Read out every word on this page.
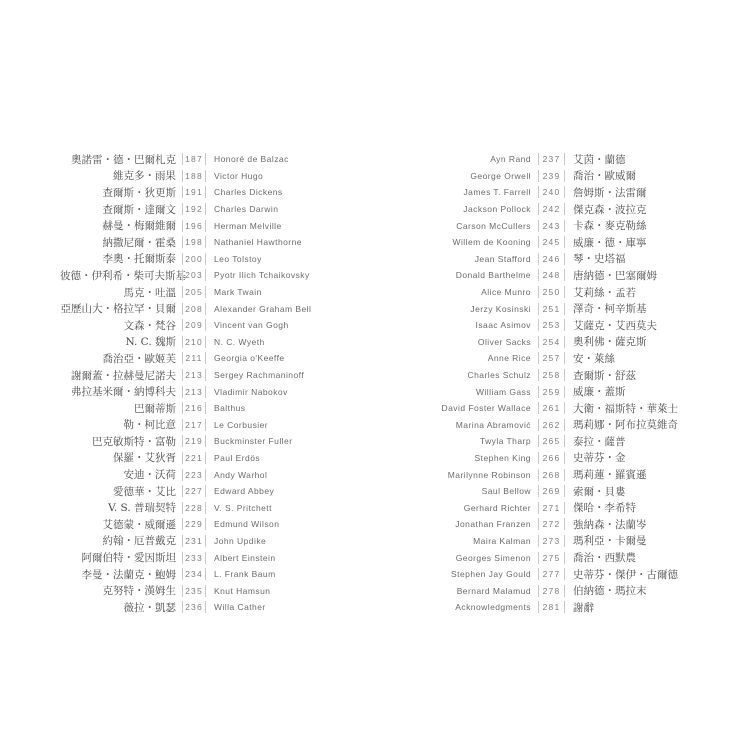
奧諾雷・德・巴爾札克	187	Honoré de Balzac	Ayn Rand	237	艾茵・蘭德
維克多・雨果	188	Victor Hugo	George Orwell	239	喬治・歐威爾
查爾斯・狄更斯	191	Charles Dickens	James T. Farrell	240	詹姆斯・法雷爾
查爾斯・達爾文	192	Charles Darwin	Jackson Pollock	242	傑克森・波拉克
赫曼・梅爾維爾	196	Herman Melville	Carson McCullers	243	卡森・麥克勒絲
納撒尼爾・霍桑	198	Nathaniel Hawthorne	Willem de Kooning	245	威廉・德・庫寧
李奧・托爾斯泰	200	Leo Tolstoy	Jean Stafford	246	琴・史塔福
彼德・伊利希・柴可夫斯基 203	Pyotr Ilich Tchaikovsky	Donald Barthelme	248	唐納德・巴塞爾姆
馬克・吐溫	205	Mark Twain	Alice Munro	250	艾莉絲・孟若
亞歷山大・格拉罕・貝爾	208	Alexander Graham Bell	Jerzy Kosinski	251	澤奇・柯辛斯基
文森・梵谷	209	Vincent van Gogh	Isaac Asimov	253	艾薩克・艾西莫夫
N. C. 魏斯	210	N. C. Wyeth	Oliver Sacks	254	奧利佛・薩克斯
喬治亞・歐姬芙	211	Georgia o'Keeffe	Anne Rice	257	安・萊絲
謝爾蓋・拉赫曼尼諾夫	213	Sergey Rachmaninoff	Charles Schulz	258	查爾斯・舒茲
弗拉基米爾・納博科夫	213	Vladimir Nabokov	William Gass	259	威廉・蓋斯
巴爾蒂斯	216	Balthus	David Foster Wallace	261	大衛・福斯特・華萊士
勒・柯比意	217	Le Corbusier	Marina Abramović	262	瑪莉娜・阿布拉莫維奇
巴克敏斯特・富勒	219	Buckminster Fuller	Twyla Tharp	265	泰拉・薩普
保羅・艾狄胥	221	Paul Erdös	Stephen King	266	史蒂芬・金
安迪・沃荷	223	Andy Warhol	Marilynne Robinson	268	瑪莉蓮・羅賓遜
愛德華・艾比	227	Edward Abbey	Saul Bellow	269	索爾・貝婁
V. S. 普瑞契特	228	V. S. Pritchett	Gerhard Richter	271	傑哈・李希特
艾德蒙・威爾遜	229	Edmund Wilson	Jonathan Franzen	272	強納森・法蘭岑
約翰・厄普戴克	231	John Updike	Maira Kalman	273	瑪利亞・卡爾曼
阿爾伯特・愛因斯坦	233	Albert Einstein	Georges Simenon	275	喬治・西默農
李曼・法蘭克・鮑姆	234	L. Frank Baum	Stephen Jay Gould	277	史蒂芬・傑伊・古爾德
克努特・漢姆生	235	Knut Hamsun	Bernard Malamud	278	伯納德・瑪拉末
薇拉・凱瑟	236	Willa Cather	Acknowledgments	281	謝辭
